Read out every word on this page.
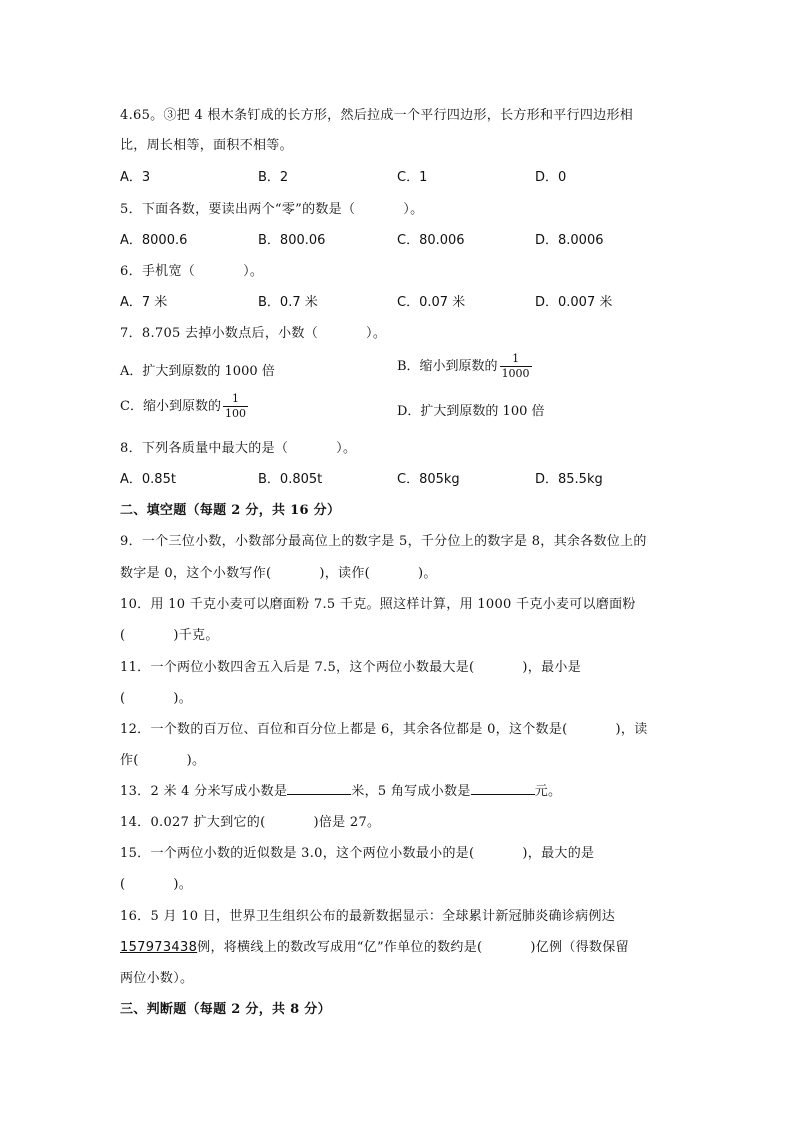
4.65。③把 4 根木条钉成的长方形，然后拉成一个平行四边形，长方形和平行四边形相
比，周长相等，面积不相等。
A．3	B．2	C．1	D．0
5．下面各数，要读出两个“零”的数是（	）。
A．8000.6	B．800.06	C．80.006	D．8.0006
6．手机宽（	）。
A．7 米	B．0.7 米	C．0.07 米	D．0.007 米
7．8.705 去掉小数点后，小数（	）。
A．扩大到原数的 1000 倍	B．缩小到原数的 $\frac{1}{1000}$
C．缩小到原数的 $\frac{1}{100}$	D．扩大到原数的 100 倍
8．下列各质量中最大的是（	）。
A．0.85t	B．0.805t	C．805kg	D．85.5kg
二、填空题（每题 2 分，共 16 分）
9．一个三位小数，小数部分最高位上的数字是 5，千分位上的数字是 8，其余各数位上的
数字是 0，这个小数写作(	)，读作(	)。
10．用 10 千克小麦可以磨面粉 7.5 千克。照这样计算，用 1000 千克小麦可以磨面粉
(	)千克。
11．一个两位小数四舍五入后是 7.5，这个两位小数最大是(	)，最小是
(	)。
12．一个数的百万位、百位和百分位上都是 6，其余各位都是 0，这个数是(	)，读
作(	)。
13．2 米 4 分米写成小数是	米，5 角写成小数是	元。
14．0.027 扩大到它的(	)倍是 27。
15．一个两位小数的近似数是 3.0，这个两位小数最小的是(	)，最大的是
(	)。
16．5 月 10 日，世界卫生组织公布的最新数据显示：全球累计新冠肺炎确诊病例达
157973438例，将横线上的数改写成用“亿”作单位的数约是(	)亿例（得数保留
两位小数）。
三、判断题（每题 2 分，共 8 分）
